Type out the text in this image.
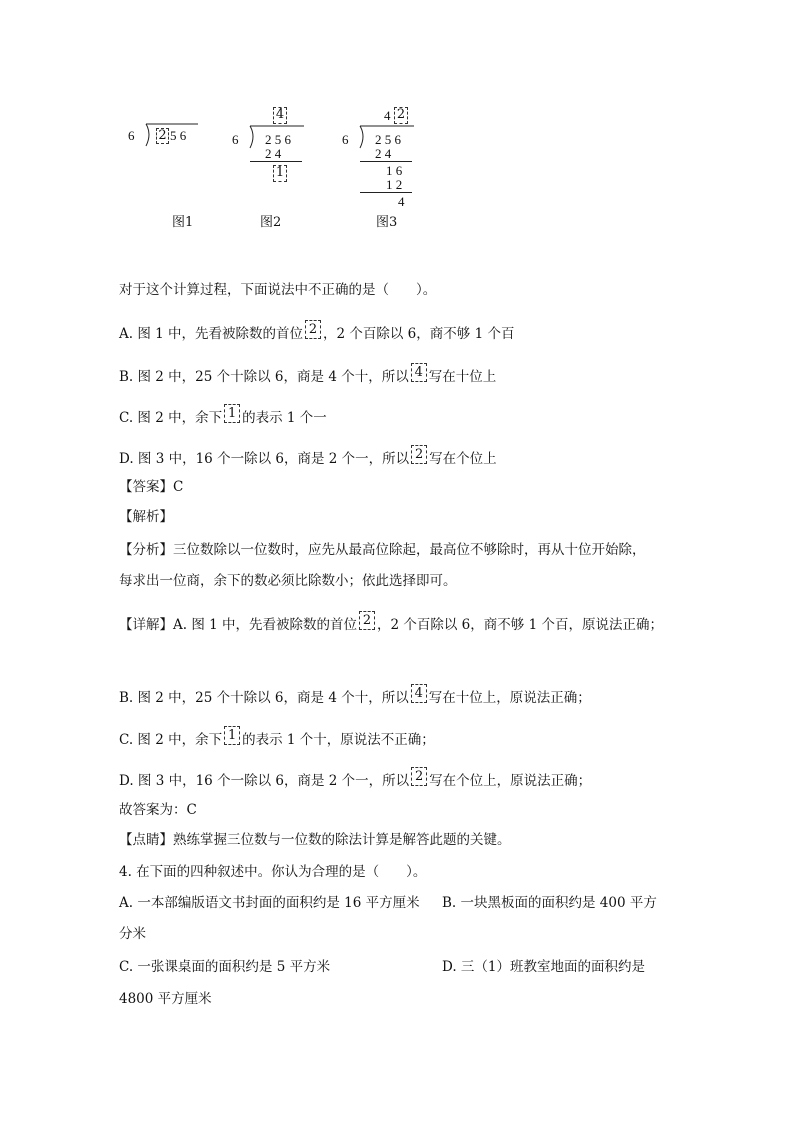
6 2 5 6
图1
4
6 2 5 6
2 4
1
图2
4 2
6 2 5 6
2 4
1 6
1 2
4
图3
对于这个计算过程，下面说法中不正确的是（　　）。
A. 图 1 中，先看被除数的首位 2 ，2 个百除以 6，商不够 1 个百
B. 图 2 中，25 个十除以 6，商是 4 个十，所以 4 写在十位上
C. 图 2 中，余下 1 的表示 1 个一
D. 图 3 中，16 个一除以 6，商是 2 个一，所以 2 写在个位上
【答案】C
【解析】
【分析】三位数除以一位数时，应先从最高位除起，最高位不够除时，再从十位开始除，
每求出一位商，余下的数必须比除数小；依此选择即可。
【详解】A. 图 1 中，先看被除数的首位 2 ，2 个百除以 6，商不够 1 个百，原说法正确；
B. 图 2 中，25 个十除以 6，商是 4 个十，所以 4 写在十位上，原说法正确；
C. 图 2 中，余下 1 的表示 1 个十，原说法不正确；
D. 图 3 中，16 个一除以 6，商是 2 个一，所以 2 写在个位上，原说法正确；
故答案为：C
【点睛】熟练掌握三位数与一位数的除法计算是解答此题的关键。
4. 在下面的四种叙述中。你认为合理的是（　　）。
A. 一本部编版语文书封面的面积约是 16 平方厘米 B. 一块黑板面的面积约是 400 平方
分米
C. 一张课桌面的面积约是 5 平方米	D. 三（1）班教室地面的面积约是
4800 平方厘米
